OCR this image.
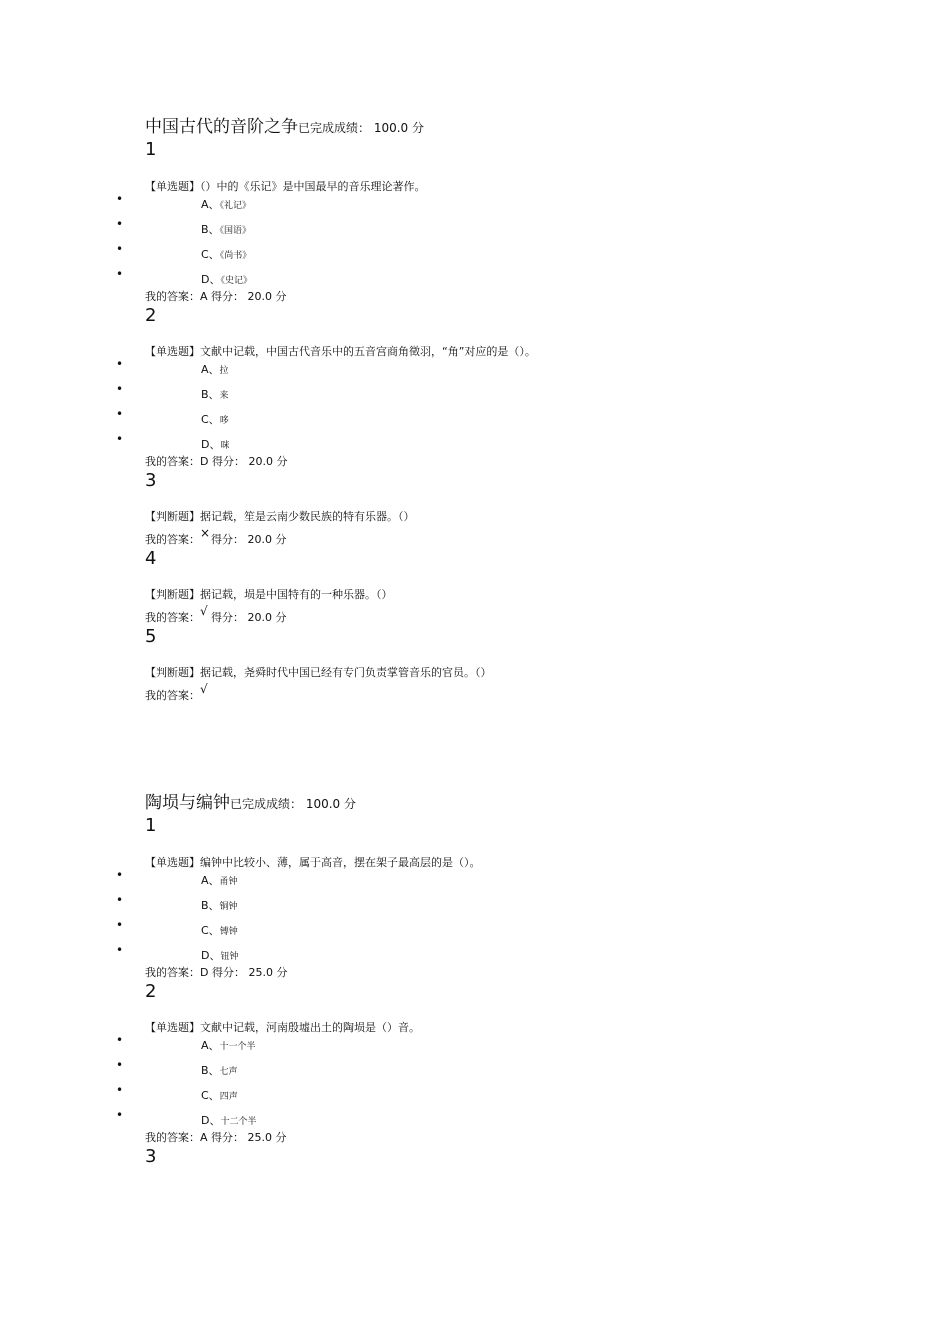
中国古代的音阶之争已完成成绩： 100.0 分
1
【单选题】（）中的《乐记》是中国最早的音乐理论著作。
•	A、《礼记》
•	B、《国语》
•	C、《尚书》
•	D、《史记》
我的答案：A 得分： 20.0 分
2
【单选题】文献中记载，中国古代音乐中的五音宫商角徵羽，“角”对应的是（）。
•	A、拉
•	B、来
•	C、哆
•	D、咪
我的答案：D 得分： 20.0 分
3
【判断题】据记载，笙是云南少数民族的特有乐器。（）
我的答案：×得分： 20.0 分
4
【判断题】据记载，埙是中国特有的一种乐器。（）
我的答案：√ 得分： 20.0 分
5
【判断题】据记载，尧舜时代中国已经有专门负责掌管音乐的官员。（）
我的答案：√
陶埙与编钟已完成成绩： 100.0 分
1
【单选题】编钟中比较小、薄，属于高音，摆在架子最高层的是（）。
•	A、甬钟
•	B、铜钟
•	C、镈钟
•	D、钮钟
我的答案：D 得分： 25.0 分
2
【单选题】文献中记载，河南殷墟出土的陶埙是（）音。
•	A、十一个半
•	B、七声
•	C、四声
•	D、十二个半
我的答案：A 得分： 25.0 分
3
